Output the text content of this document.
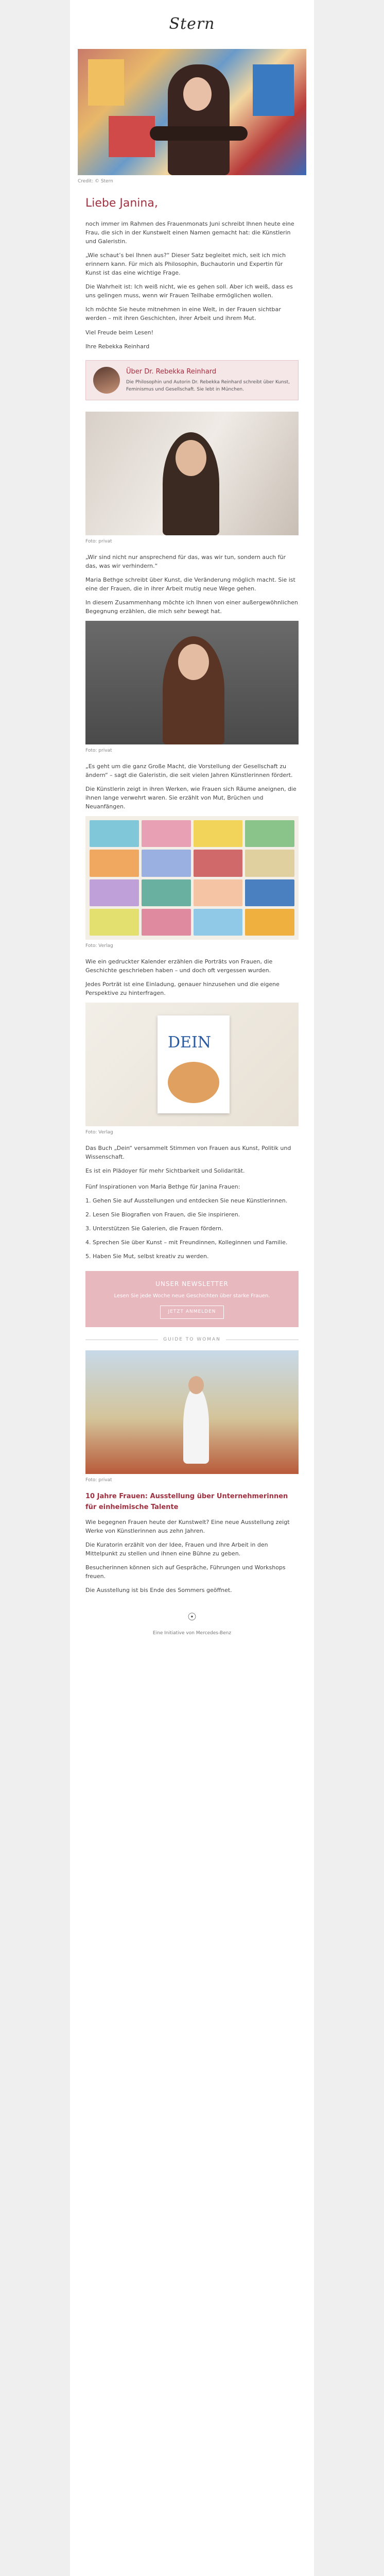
Stern
Credit: © Stern
Liebe Janina,

noch immer im Rahmen des Frauenmonats Juni schreibt Ihnen heute eine Frau, die sich in der Kunstwelt einen Namen gemacht hat: die Künstlerin und Galeristin.

„Wie schaut’s bei Ihnen aus?“ Dieser Satz begleitet mich, seit ich mich erinnern kann. Für mich als Philosophin, Buchautorin und Expertin für Kunst ist das eine wichtige Frage.

Die Wahrheit ist: Ich weiß nicht, wie es gehen soll. Aber ich weiß, dass es uns gelingen muss, wenn wir Frauen Teilhabe ermöglichen wollen.

Ich möchte Sie heute mitnehmen in eine Welt, in der Frauen sichtbar werden – mit ihren Geschichten, ihrer Arbeit und ihrem Mut.

Viel Freude beim Lesen!

Ihre Rebekka Reinhard
Über Dr. Rebekka Reinhard

Die Philosophin und Autorin Dr. Rebekka Reinhard schreibt über Kunst, Feminismus und Gesellschaft. Sie lebt in München.

Foto: privat

„Wir sind nicht nur ansprechend für das, was wir tun, sondern auch für das, was wir verhindern.“

Maria Bethge schreibt über Kunst, die Veränderung möglich macht. Sie ist eine der Frauen, die in ihrer Arbeit mutig neue Wege gehen.

In diesem Zusammenhang möchte ich Ihnen von einer außergewöhnlichen Begegnung erzählen, die mich sehr bewegt hat.

Foto: privat

„Es geht um die ganz Große Macht, die Vorstellung der Gesellschaft zu ändern“ – sagt die Galeristin, die seit vielen Jahren Künstlerinnen fördert.

Die Künstlerin zeigt in ihren Werken, wie Frauen sich Räume aneignen, die ihnen lange verwehrt waren. Sie erzählt von Mut, Brüchen und Neuanfängen.

Foto: Verlag

Wie ein gedruckter Kalender erzählen die Porträts von Frauen, die Geschichte geschrieben haben – und doch oft vergessen wurden.

Jedes Porträt ist eine Einladung, genauer hinzusehen und die eigene Perspektive zu hinterfragen.

DEIN
Foto: Verlag

Das Buch „Dein“ versammelt Stimmen von Frauen aus Kunst, Politik und Wissenschaft.

Es ist ein Plädoyer für mehr Sichtbarkeit und Solidarität.

Fünf Inspirationen von Maria Bethge für Janina Frauen:

1. Gehen Sie auf Ausstellungen und entdecken Sie neue Künstlerinnen.

2. Lesen Sie Biografien von Frauen, die Sie inspirieren.

3. Unterstützen Sie Galerien, die Frauen fördern.

4. Sprechen Sie über Kunst – mit Freundinnen, Kolleginnen und Familie.

5. Haben Sie Mut, selbst kreativ zu werden.

UNSER NEWSLETTER

Lesen Sie jede Woche neue Geschichten über starke Frauen.

JETZT ANMELDEN
GUIDE TO WOMAN
Foto: privat
10 Jahre Frauen: Ausstellung über Unternehmerinnen für einheimische Talente

Wie begegnen Frauen heute der Kunstwelt? Eine neue Ausstellung zeigt Werke von Künstlerinnen aus zehn Jahren.

Die Kuratorin erzählt von der Idee, Frauen und ihre Arbeit in den Mittelpunkt zu stellen und ihnen eine Bühne zu geben.

Besucherinnen können sich auf Gespräche, Führungen und Workshops freuen.

Die Ausstellung ist bis Ende des Sommers geöffnet.

☉
Eine Initiative von Mercedes-Benz
